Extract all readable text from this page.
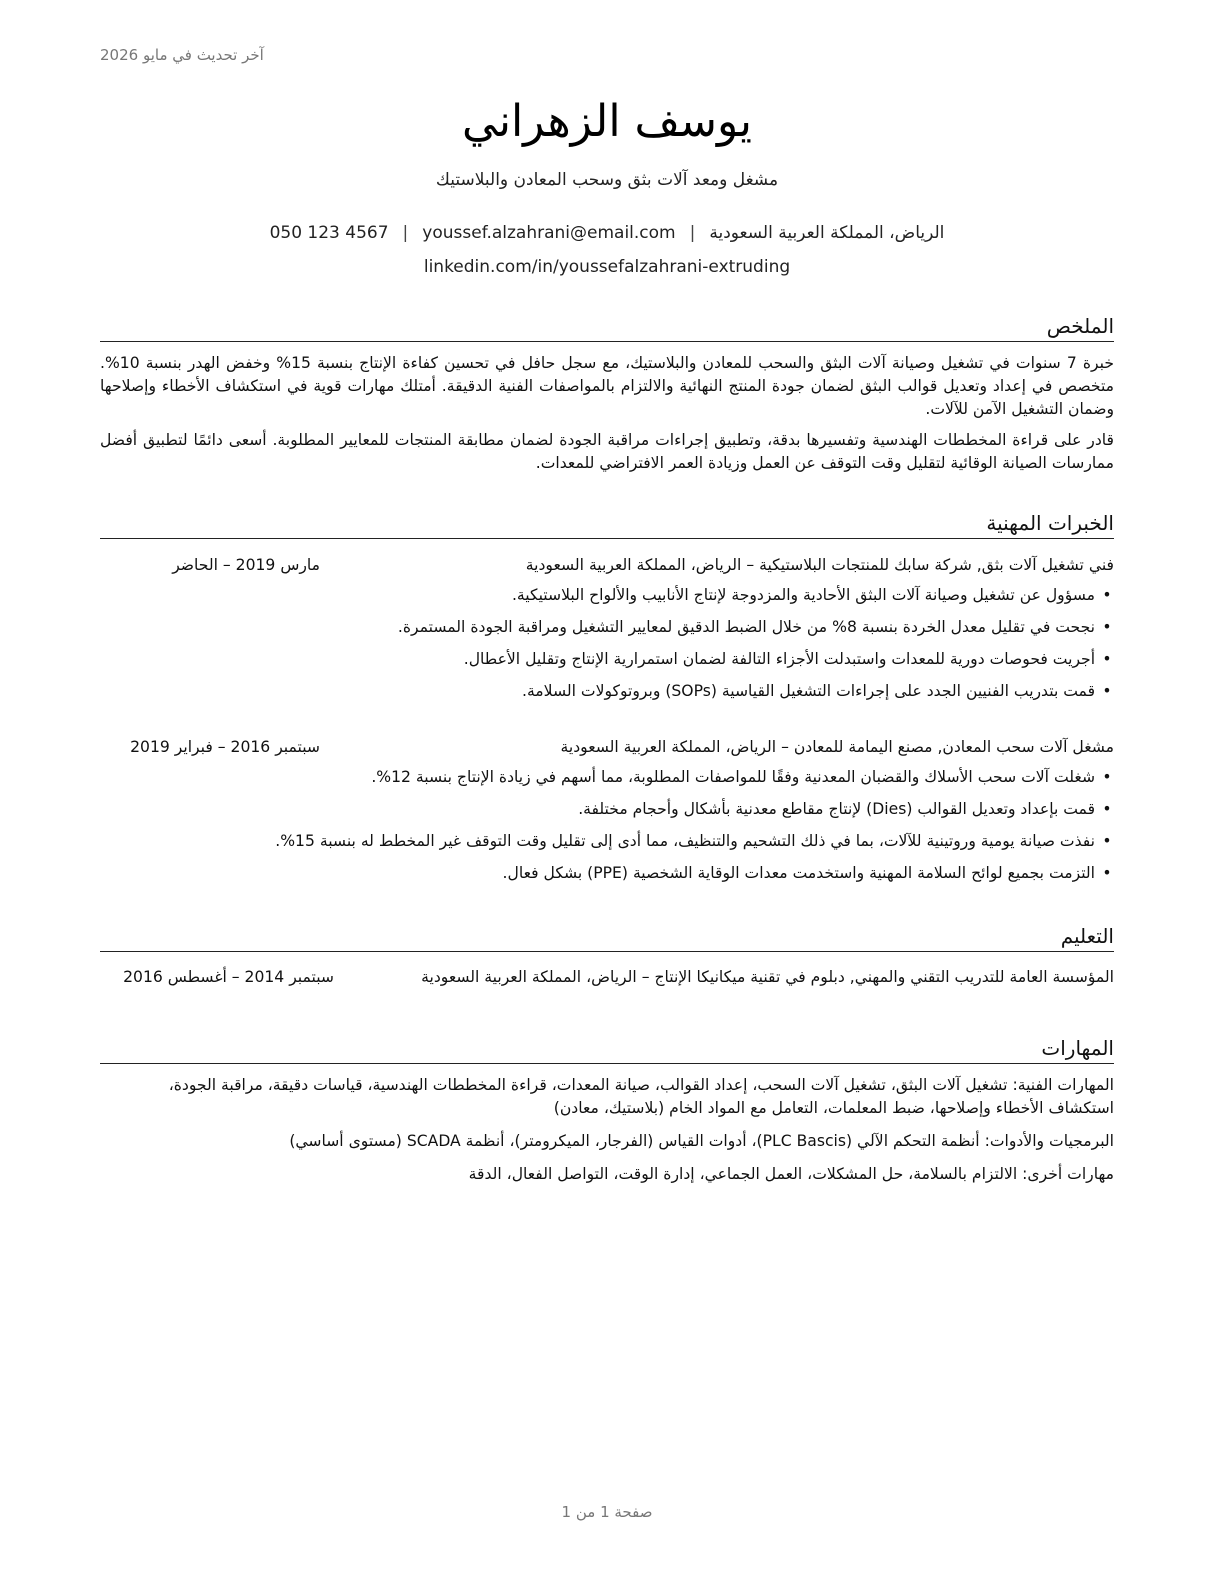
آخر تحديث في مايو 2026
يوسف الزهراني
مشغل ومعد آلات بثق وسحب المعادن والبلاستيك
الرياض، المملكة العربية السعودية|youssef.alzahrani@email.com|050 123 4567
linkedin.com/in/youssefalzahrani-extruding
الملخص

خبرة 7 سنوات في تشغيل وصيانة آلات البثق والسحب للمعادن والبلاستيك، مع سجل حافل في تحسين كفاءة الإنتاج بنسبة 15% وخفض الهدر بنسبة 10%. متخصص في إعداد وتعديل قوالب البثق لضمان جودة المنتج النهائية والالتزام بالمواصفات الفنية الدقيقة. أمتلك مهارات قوية في استكشاف الأخطاء وإصلاحها وضمان التشغيل الآمن للآلات.

قادر على قراءة المخططات الهندسية وتفسيرها بدقة، وتطبيق إجراءات مراقبة الجودة لضمان مطابقة المنتجات للمعايير المطلوبة. أسعى دائمًا لتطبيق أفضل ممارسات الصيانة الوقائية لتقليل وقت التوقف عن العمل وزيادة العمر الافتراضي للمعدات.

الخبرات المهنية
فني تشغيل آلات بثق, شركة سابك للمنتجات البلاستيكية – الرياض، المملكة العربية السعودية
مارس 2019 – الحاضر
• مسؤول عن تشغيل وصيانة آلات البثق الأحادية والمزدوجة لإنتاج الأنابيب والألواح البلاستيكية.
• نجحت في تقليل معدل الخردة بنسبة 8% من خلال الضبط الدقيق لمعايير التشغيل ومراقبة الجودة المستمرة.
• أجريت فحوصات دورية للمعدات واستبدلت الأجزاء التالفة لضمان استمرارية الإنتاج وتقليل الأعطال.
• قمت بتدريب الفنيين الجدد على إجراءات التشغيل القياسية (SOPs) وبروتوكولات السلامة.
مشغل آلات سحب المعادن, مصنع اليمامة للمعادن – الرياض، المملكة العربية السعودية
سبتمبر 2016 – فبراير 2019
• شغلت آلات سحب الأسلاك والقضبان المعدنية وفقًا للمواصفات المطلوبة، مما أسهم في زيادة الإنتاج بنسبة 12%.
• قمت بإعداد وتعديل القوالب (Dies) لإنتاج مقاطع معدنية بأشكال وأحجام مختلفة.
• نفذت صيانة يومية وروتينية للآلات، بما في ذلك التشحيم والتنظيف، مما أدى إلى تقليل وقت التوقف غير المخطط له بنسبة 15%.
• التزمت بجميع لوائح السلامة المهنية واستخدمت معدات الوقاية الشخصية (PPE) بشكل فعال.
التعليم
المؤسسة العامة للتدريب التقني والمهني, دبلوم في تقنية ميكانيكا الإنتاج – الرياض، المملكة العربية السعودية
سبتمبر 2014 – أغسطس 2016
المهارات
المهارات الفنية: تشغيل آلات البثق، تشغيل آلات السحب، إعداد القوالب، صيانة المعدات، قراءة المخططات الهندسية، قياسات دقيقة، مراقبة الجودة، استكشاف الأخطاء وإصلاحها، ضبط المعلمات، التعامل مع المواد الخام (بلاستيك، معادن)
البرمجيات والأدوات: أنظمة التحكم الآلي (PLC Bascis)، أدوات القياس (الفرجار، الميكرومتر)، أنظمة SCADA (مستوى أساسي)
مهارات أخرى: الالتزام بالسلامة، حل المشكلات، العمل الجماعي، إدارة الوقت، التواصل الفعال، الدقة
صفحة 1 من 1
